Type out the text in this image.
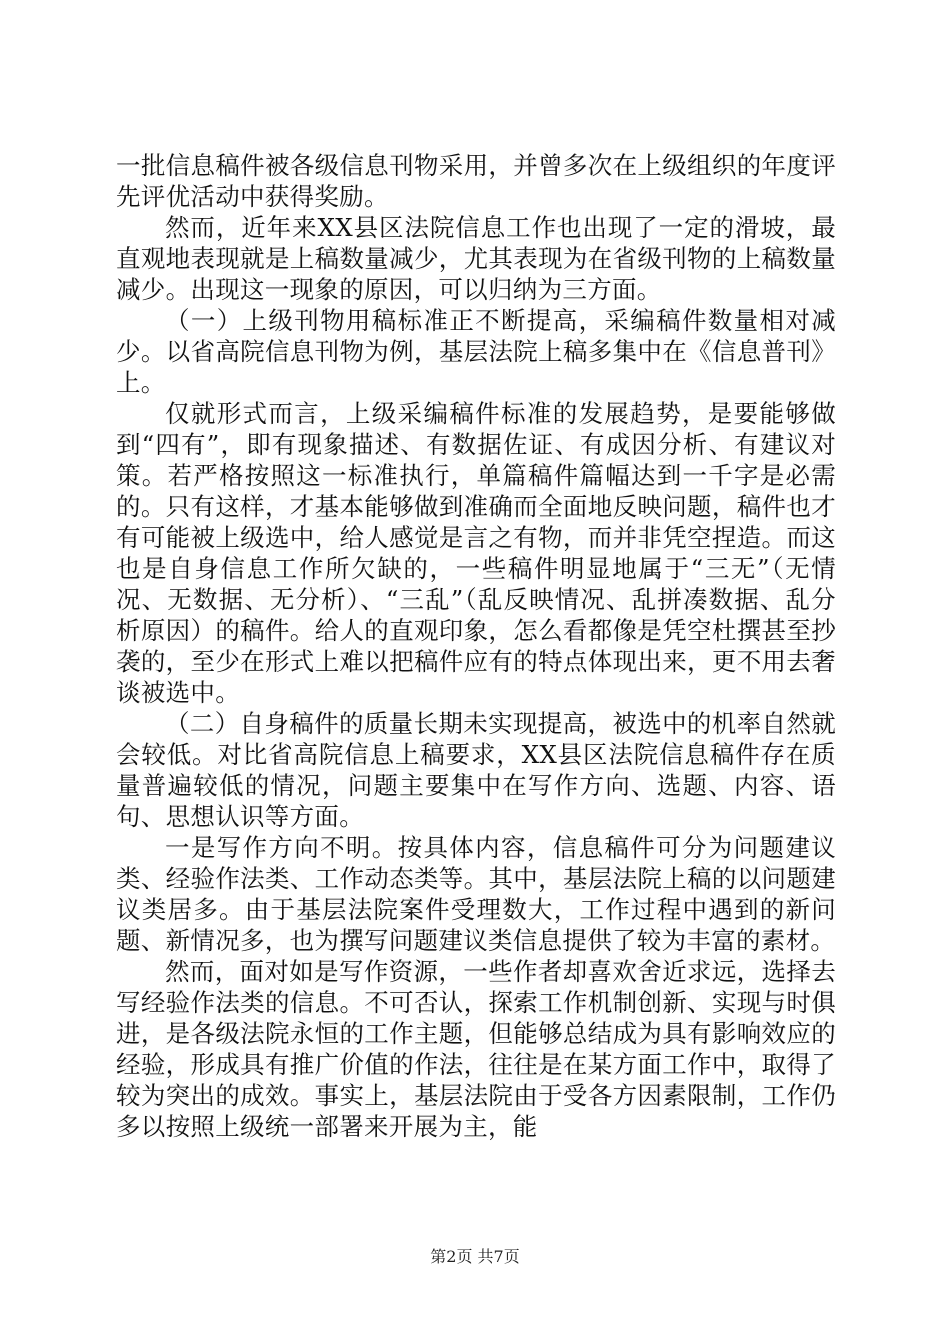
一批信息稿件被各级信息刊物采用，并曾多次在上级组织的年度评先评优活动中获得奖励。

然而，近年来XX县区法院信息工作也出现了一定的滑坡，最直观地表现就是上稿数量减少，尤其表现为在省级刊物的上稿数量减少。出现这一现象的原因，可以归纳为三方面。

（一）上级刊物用稿标准正不断提高，采编稿件数量相对减少。以省高院信息刊物为例，基层法院上稿多集中在《信息普刊》上。

仅就形式而言，上级采编稿件标准的发展趋势，是要能够做到“四有”，即有现象描述、有数据佐证、有成因分析、有建议对策。若严格按照这一标准执行，单篇稿件篇幅达到一千字是必需的。只有这样，才基本能够做到准确而全面地反映问题，稿件也才有可能被上级选中，给人感觉是言之有物，而并非凭空捏造。而这也是自身信息工作所欠缺的，一些稿件明显地属于“三无”（无情况、无数据、无分析）、“三乱”（乱反映情况、乱拼凑数据、乱分析原因）的稿件。给人的直观印象，怎么看都像是凭空杜撰甚至抄袭的，至少在形式上难以把稿件应有的特点体现出来，更不用去奢谈被选中。

（二）自身稿件的质量长期未实现提高，被选中的机率自然就会较低。对比省高院信息上稿要求，XX县区法院信息稿件存在质量普遍较低的情况，问题主要集中在写作方向、选题、内容、语句、思想认识等方面。

一是写作方向不明。按具体内容，信息稿件可分为问题建议类、经验作法类、工作动态类等。其中，基层法院上稿的以问题建议类居多。由于基层法院案件受理数大，工作过程中遇到的新问题、新情况多，也为撰写问题建议类信息提供了较为丰富的素材。

然而，面对如是写作资源，一些作者却喜欢舍近求远，选择去写经验作法类的信息。不可否认，探索工作机制创新、实现与时俱进，是各级法院永恒的工作主题，但能够总结成为具有影响效应的经验，形成具有推广价值的作法，往往是在某方面工作中，取得了较为突出的成效。事实上，基层法院由于受各方因素限制，工作仍多以按照上级统一部署来开展为主，能

第2页 共7页
